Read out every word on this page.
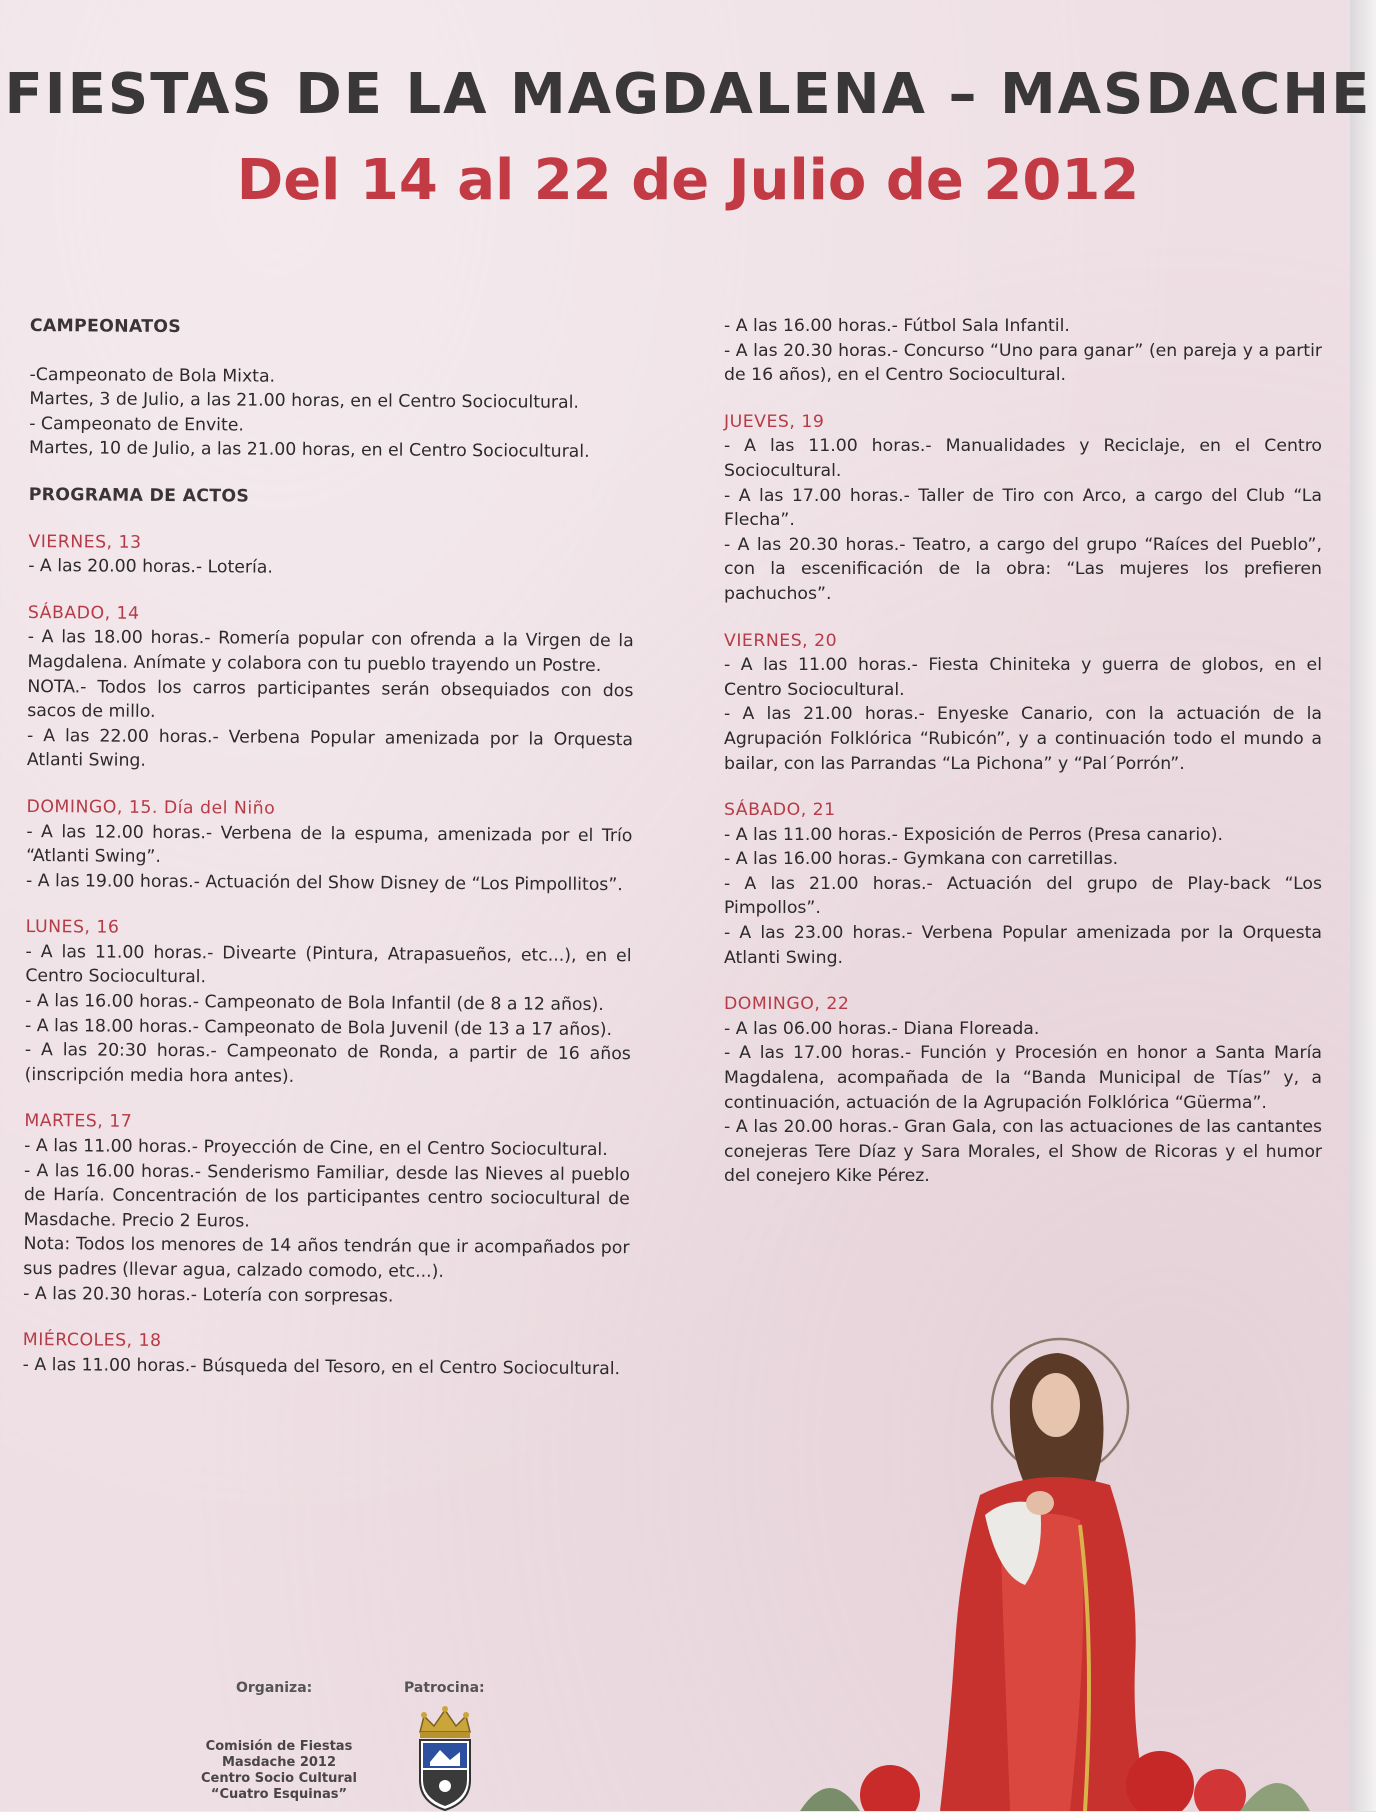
FIESTAS DE LA MAGDALENA – MASDACHE
Del 14 al 22 de Julio de 2012
CAMPEONATOS

-Campeonato de Bola Mixta.

Martes, 3 de Julio, a las 21.00 horas, en el Centro Sociocultural.

- Campeonato de Envite.

Martes, 10 de Julio, a las 21.00 horas, en el Centro Sociocultural.

PROGRAMA DE ACTOS
VIERNES, 13

- A las 20.00 horas.- Lotería.

SÁBADO, 14

- A las 18.00 horas.- Romería popular con ofrenda a la Virgen de la Magdalena. Anímate y colabora con tu pueblo trayendo un Postre.

NOTA.- Todos los carros participantes serán obsequiados con dos sacos de millo.

- A las 22.00 horas.- Verbena Popular amenizada por la Orquesta Atlanti Swing.

DOMINGO, 15. Día del Niño

- A las 12.00 horas.- Verbena de la espuma, amenizada por el Trío “Atlanti Swing”.

- A las 19.00 horas.- Actuación del Show Disney de “Los Pimpollitos”.

LUNES, 16

- A las 11.00 horas.- Divearte (Pintura, Atrapasueños, etc...), en el Centro Sociocultural.

- A las 16.00 horas.- Campeonato de Bola Infantil (de 8 a 12 años).

- A las 18.00 horas.- Campeonato de Bola Juvenil (de 13 a 17 años).

- A las 20:30 horas.- Campeonato de Ronda, a partir de 16 años (inscripción media hora antes).

MARTES, 17

- A las 11.00 horas.- Proyección de Cine, en el Centro Sociocultural.

- A las 16.00 horas.- Senderismo Familiar, desde las Nieves al pueblo de Haría. Concentración de los participantes centro sociocultural de Masdache. Precio 2 Euros.

Nota: Todos los menores de 14 años tendrán que ir acompañados por sus padres (llevar agua, calzado comodo, etc...).

- A las 20.30 horas.- Lotería con sorpresas.

MIÉRCOLES, 18

- A las 11.00 horas.- Búsqueda del Tesoro, en el Centro Sociocultural.

- A las 16.00 horas.- Fútbol Sala Infantil.

- A las 20.30 horas.- Concurso “Uno para ganar” (en pareja y a partir de 16 años), en el Centro Sociocultural.

JUEVES, 19

- A las 11.00 horas.- Manualidades y Reciclaje, en el Centro Sociocultural.

- A las 17.00 horas.- Taller de Tiro con Arco, a cargo del Club “La Flecha”.

- A las 20.30 horas.- Teatro, a cargo del grupo “Raíces del Pueblo”, con la escenificación de la obra: “Las mujeres los prefieren pachuchos”.

VIERNES, 20

- A las 11.00 horas.- Fiesta Chiniteka y guerra de globos, en el Centro Sociocultural.

- A las 21.00 horas.- Enyeske Canario, con la actuación de la Agrupación Folklórica “Rubicón”, y a continuación todo el mundo a bailar, con las Parrandas “La Pichona” y “Pal´Porrón”.

SÁBADO, 21

- A las 11.00 horas.- Exposición de Perros (Presa canario).

- A las 16.00 horas.- Gymkana con carretillas.

- A las 21.00 horas.- Actuación del grupo de Play-back “Los Pimpollos”.

- A las 23.00 horas.- Verbena Popular amenizada por la Orquesta Atlanti Swing.

DOMINGO, 22

- A las 06.00 horas.- Diana Floreada.

- A las 17.00 horas.- Función y Procesión en honor a Santa María Magdalena, acompañada de la “Banda Municipal de Tías” y, a continuación, actuación de la Agrupación Folklórica “Güerma”.

- A las 20.00 horas.- Gran Gala, con las actuaciones de las cantantes conejeras Tere Díaz y Sara Morales, el Show de Ricoras y el humor del conejero Kike Pérez.

Organiza:	Patrocina:
Comisión de Fiestas
Masdache 2012
Centro Socio Cultural
“Cuatro Esquinas”
